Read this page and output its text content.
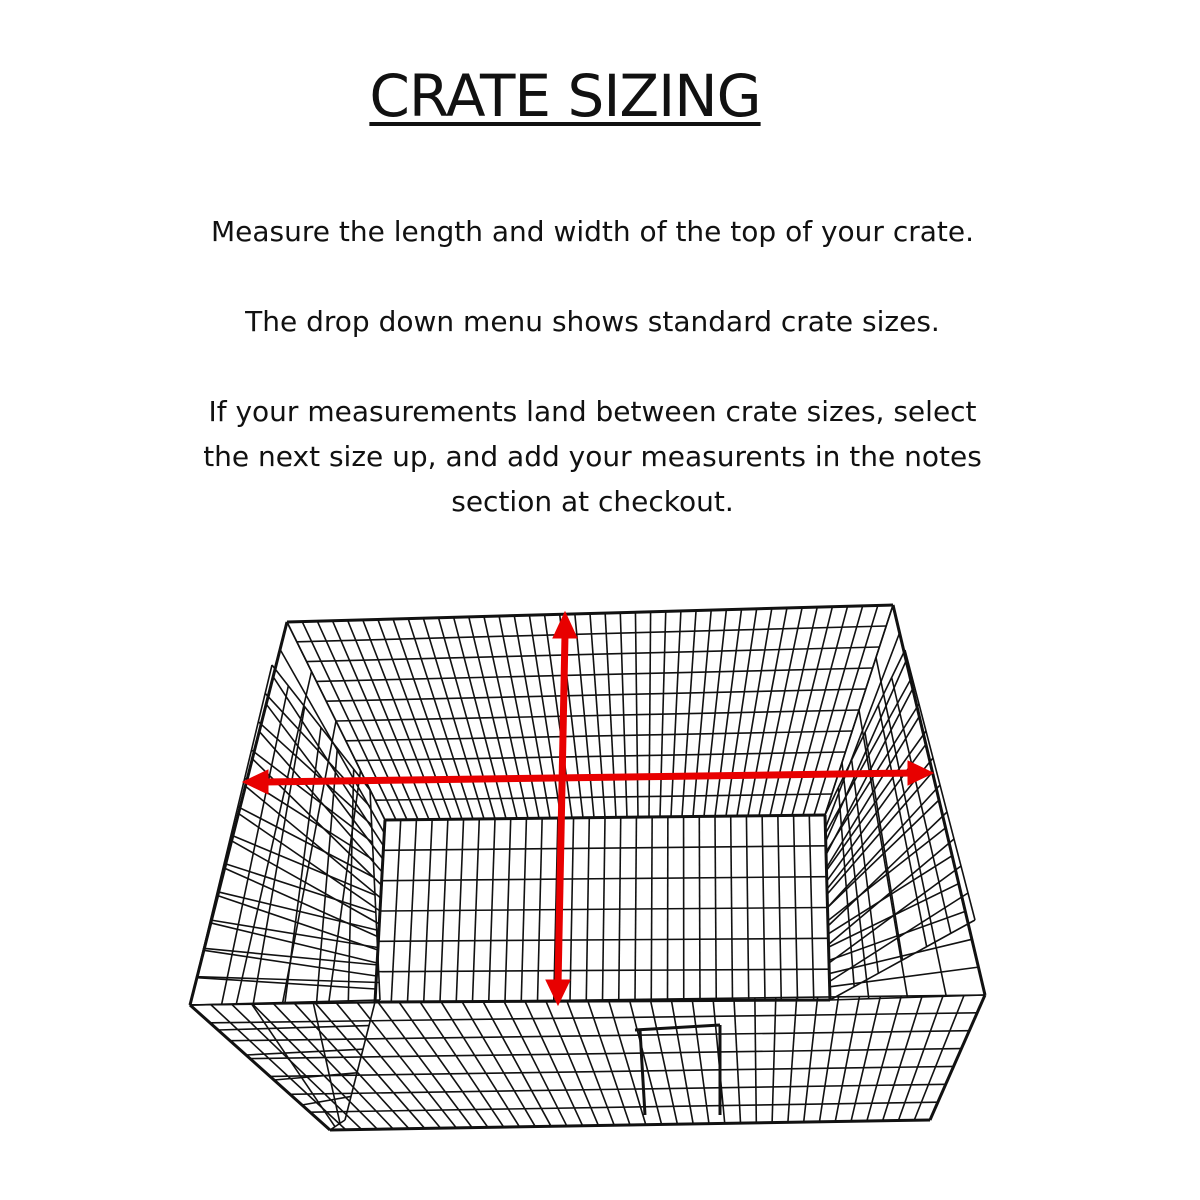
CRATE SIZING
Measure the length and width of the top of your crate.
The drop down menu shows standard crate sizes.
If your measurements land between crate sizes, select the next size up, and add your measurents in the notes section at checkout.
